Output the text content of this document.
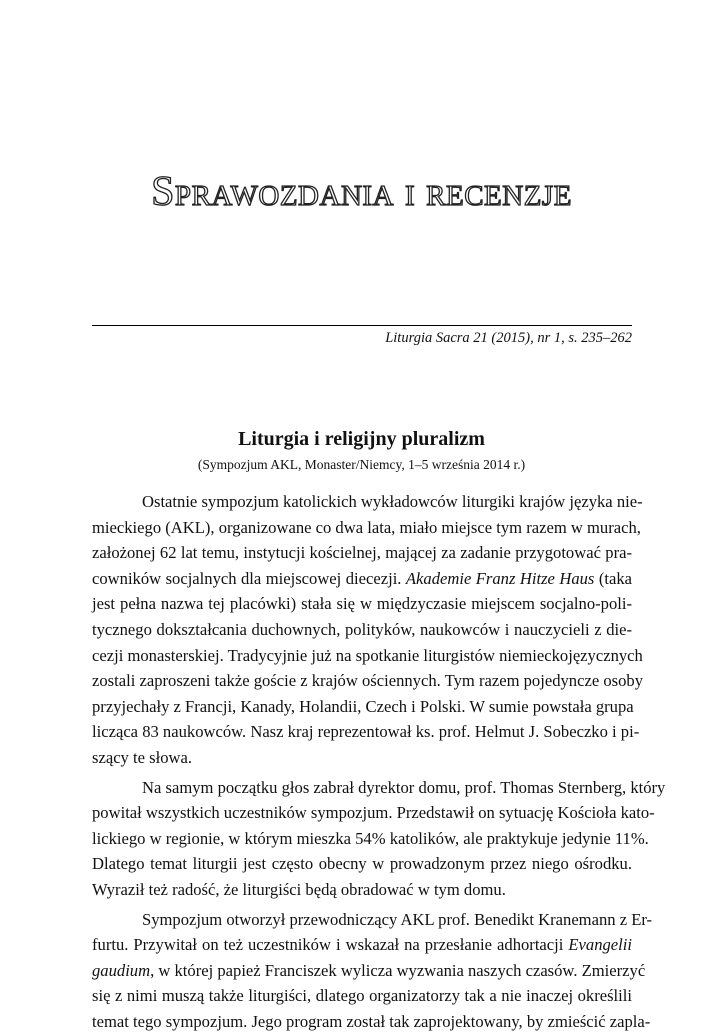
Sprawozdania i recenzje
Liturgia Sacra 21 (2015), nr 1, s. 235–262
Liturgia i religijny pluralizm
(Sympozjum AKL, Monaster/Niemcy, 1–5 września 2014 r.)

Ostatnie sympozjum katolickich wykładowców liturgiki krajów języka nie-
mieckiego (AKL), organizowane co dwa lata, miało miejsce tym razem w murach,
założonej 62 lat temu, instytucji kościelnej, mającej za zadanie przygotować pra-
cowników socjalnych dla miejscowej diecezji. Akademie Franz Hitze Haus (taka
jest pełna nazwa tej placówki) stała się w międzyczasie miejscem socjalno-poli-
tycznego dokształcania duchownych, polityków, naukowców i nauczycieli z die-
cezji monasterskiej. Tradycyjnie już na spotkanie liturgistów niemieckojęzycznych
zostali zaproszeni także goście z krajów ościennych. Tym razem pojedyncze osoby
przyjechały z Francji, Kanady, Holandii, Czech i Polski. W sumie powstała grupa
licząca 83 naukowców. Nasz kraj reprezentował ks. prof. Helmut J. Sobeczko i pi-
szący te słowa.

Na samym początku głos zabrał dyrektor domu, prof. Thomas Sternberg, który
powitał wszystkich uczestników sympozjum. Przedstawił on sytuację Kościoła kato-
lickiego w regionie, w którym mieszka 54% katolików, ale praktykuje jedynie 11%.
Dlatego temat liturgii jest często obecny w prowadzonym przez niego ośrodku.
Wyraził też radość, że liturgiści będą obradować w tym domu.

Sympozjum otworzył przewodniczący AKL prof. Benedikt Kranemann z Er-
furtu. Przywitał on też uczestników i wskazał na przesłanie adhortacji Evangelii
gaudium, w której papież Franciszek wylicza wyzwania naszych czasów. Zmierzyć
się z nimi muszą także liturgiści, dlatego organizatorzy tak a nie inaczej określili
temat tego sympozjum. Jego program został tak zaprojektowany, by zmieścić zapla-
